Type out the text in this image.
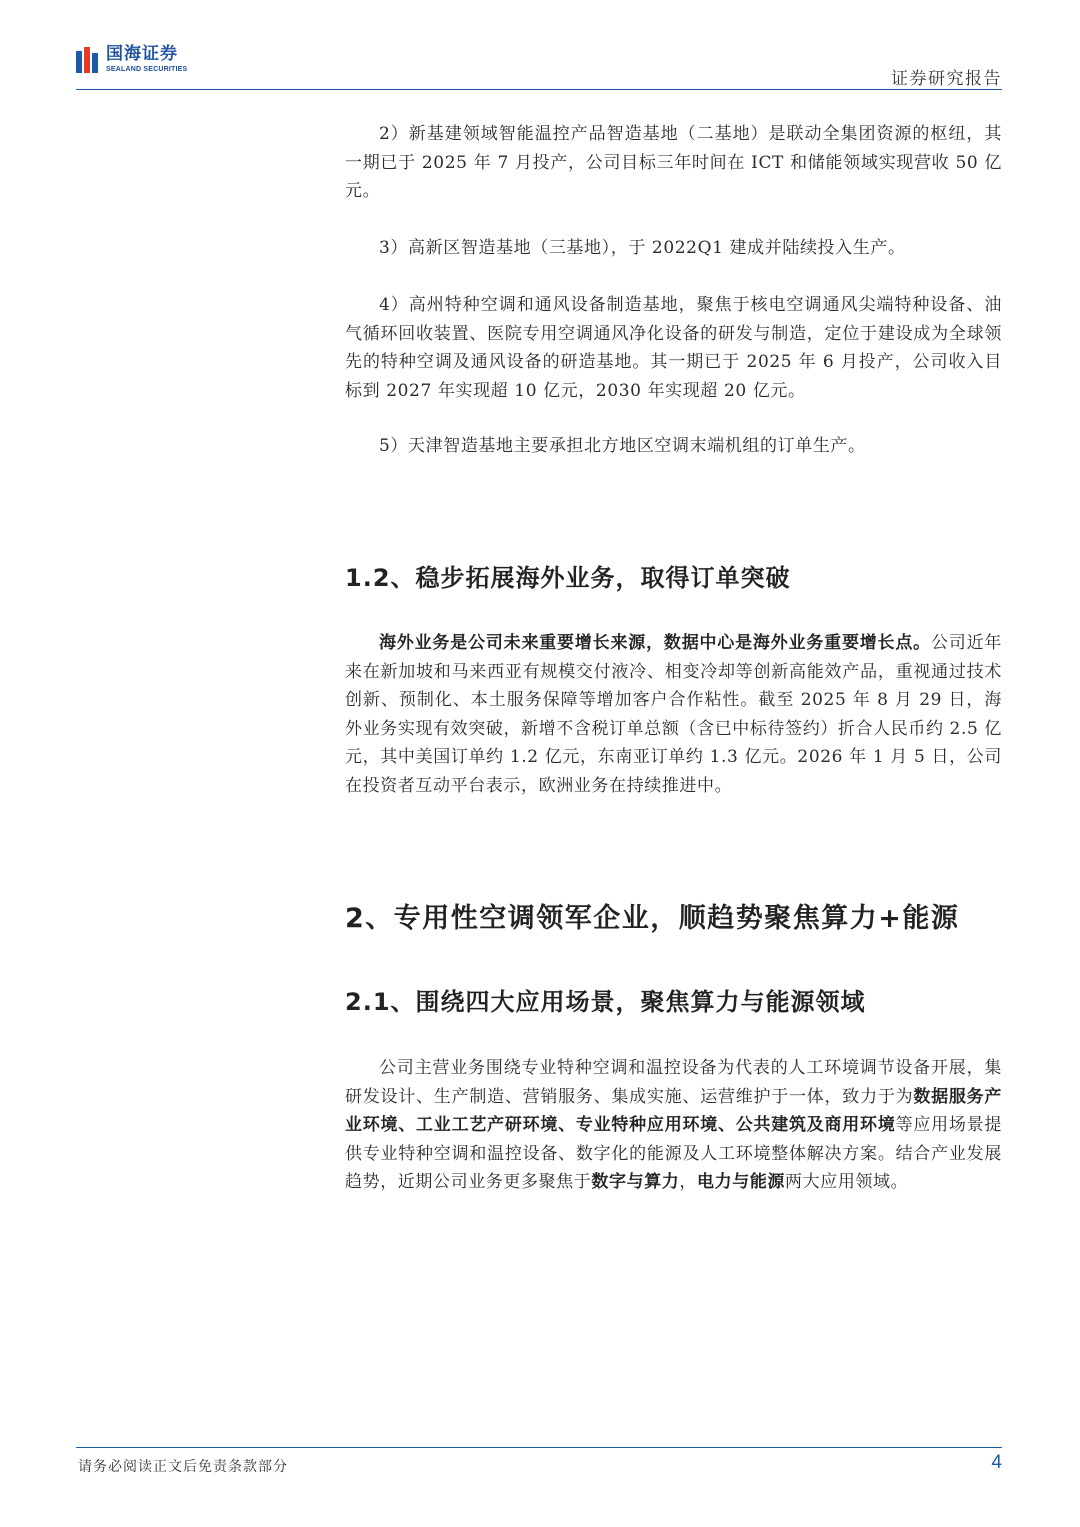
国海证券
SEALAND SECURITIES	证券研究报告

2）新基建领域智能温控产品智造基地（二基地）是联动全集团资源的枢纽，其一期已于 2025 年 7 月投产，公司目标三年时间在 ICT 和储能领域实现营收 50 亿元。

3）高新区智造基地（三基地），于 2022Q1 建成并陆续投入生产。

4）高州特种空调和通风设备制造基地，聚焦于核电空调通风尖端特种设备、油气循环回收装置、医院专用空调通风净化设备的研发与制造，定位于建设成为全球领先的特种空调及通风设备的研造基地。其一期已于 2025 年 6 月投产，公司收入目标到 2027 年实现超 10 亿元，2030 年实现超 20 亿元。

5）天津智造基地主要承担北方地区空调末端机组的订单生产。

1.2、稳步拓展海外业务，取得订单突破

海外业务是公司未来重要增长来源，数据中心是海外业务重要增长点。公司近年来在新加坡和马来西亚有规模交付液冷、相变冷却等创新高能效产品，重视通过技术创新、预制化、本土服务保障等增加客户合作粘性。截至 2025 年 8 月 29 日，海外业务实现有效突破，新增不含税订单总额（含已中标待签约）折合人民币约 2.5 亿元，其中美国订单约 1.2 亿元，东南亚订单约 1.3 亿元。2026 年 1 月 5 日，公司在投资者互动平台表示，欧洲业务在持续推进中。

2、专用性空调领军企业，顺趋势聚焦算力+能源
2.1、围绕四大应用场景，聚焦算力与能源领域

公司主营业务围绕专业特种空调和温控设备为代表的人工环境调节设备开展，集研发设计、生产制造、营销服务、集成实施、运营维护于一体，致力于为数据服务产业环境、工业工艺产研环境、专业特种应用环境、公共建筑及商用环境等应用场景提供专业特种空调和温控设备、数字化的能源及人工环境整体解决方案。结合产业发展趋势，近期公司业务更多聚焦于数字与算力，电力与能源两大应用领域。

请务必阅读正文后免责条款部分	4
